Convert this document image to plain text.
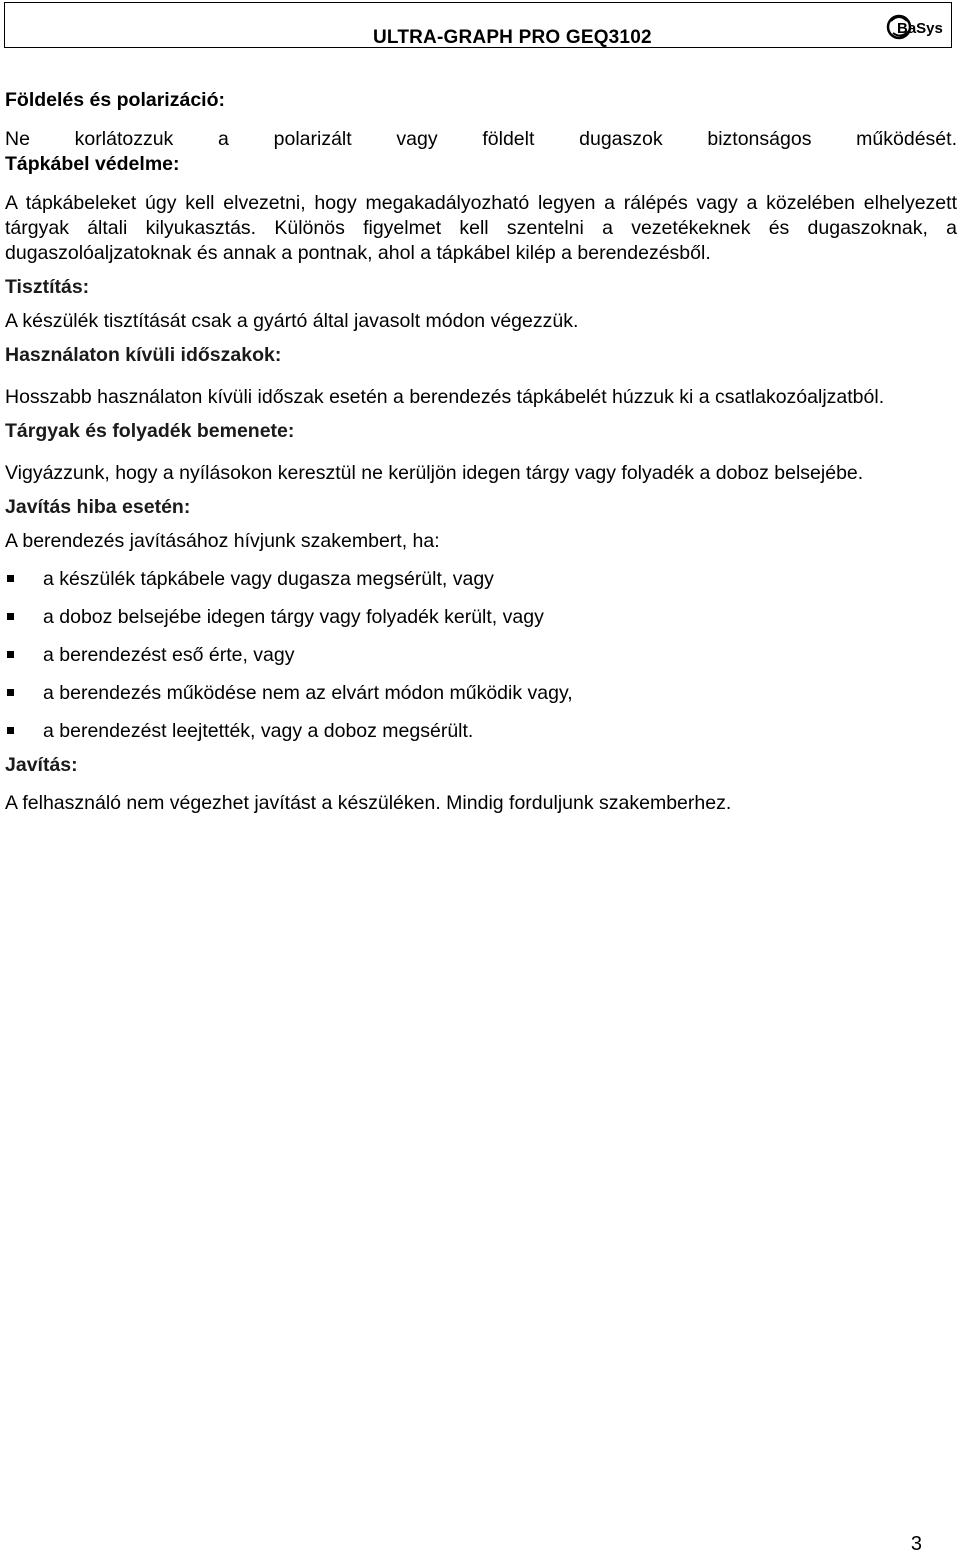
ULTRA-GRAPH PRO GEQ3102	BaSys
Földelés és polarizáció:
Ne korlátozzuk a polarizált vagy földelt dugaszok biztonságos működését.
Tápkábel védelme:
A tápkábeleket úgy kell elvezetni, hogy megakadályozható legyen a rálépés vagy a közelében elhelyezett tárgyak általi kilyukasztás. Különös figyelmet kell szentelni a vezetékeknek és dugaszoknak, a dugaszolóaljzatoknak és annak a pontnak, ahol a tápkábel kilép a berendezésből.
Tisztítás:
A készülék tisztítását csak a gyártó által javasolt módon végezzük.
Használaton kívüli időszakok:
Hosszabb használaton kívüli időszak esetén a berendezés tápkábelét húzzuk ki a csatlakozóaljzatból.
Tárgyak és folyadék bemenete:
Vigyázzunk, hogy a nyílásokon keresztül ne kerüljön idegen tárgy vagy folyadék a doboz belsejébe.
Javítás hiba esetén:
A berendezés javításához hívjunk szakembert, ha:
a készülék tápkábele vagy dugasza megsérült, vagy
a doboz belsejébe idegen tárgy vagy folyadék került, vagy
a berendezést eső érte, vagy
a berendezés működése nem az elvárt módon működik vagy,
a berendezést leejtették, vagy a doboz megsérült.
Javítás:
A felhasználó nem végezhet javítást a készüléken. Mindig forduljunk szakemberhez.
3
